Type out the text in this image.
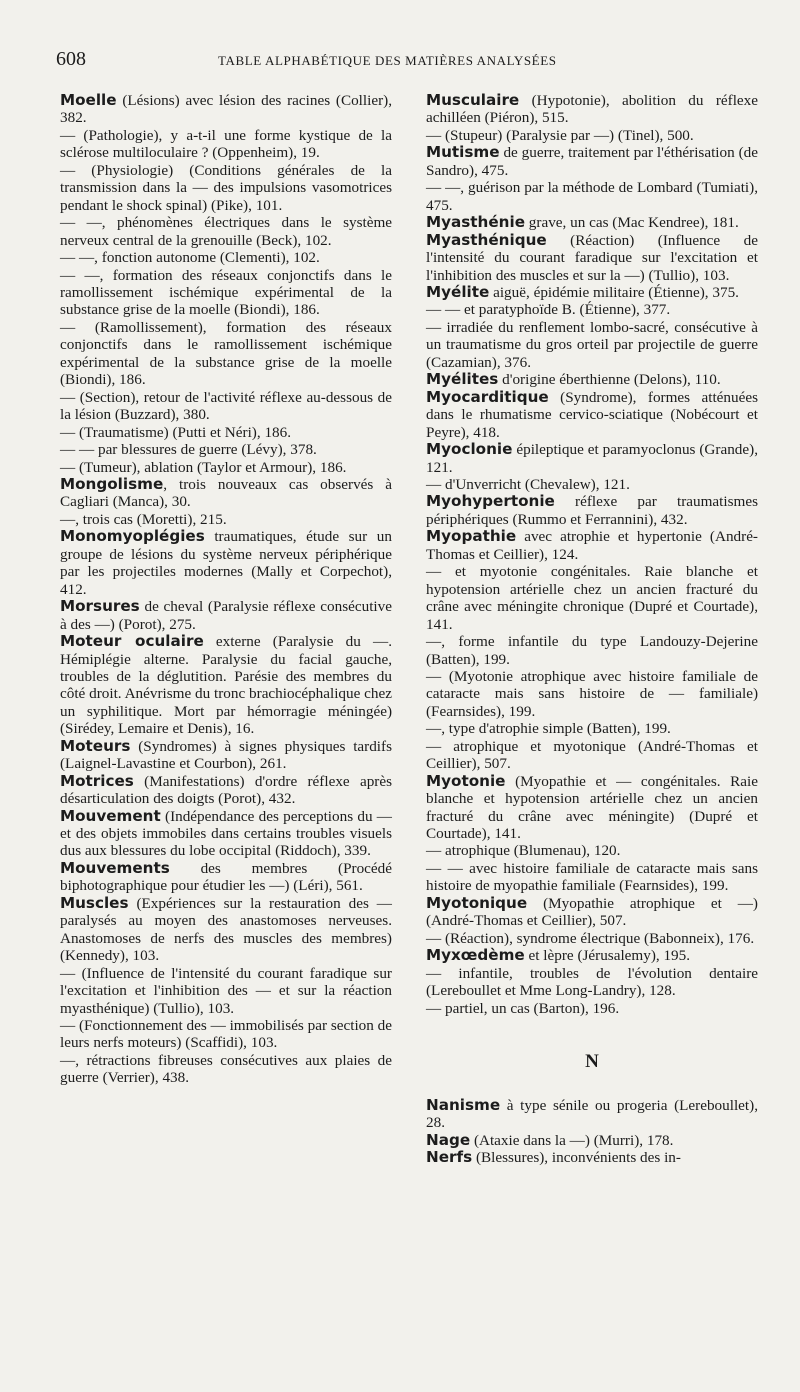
608	TABLE ALPHABÉTIQUE DES MATIÈRES ANALYSÉES

Moelle (Lésions) avec lésion des racines (Collier), 382.

— (Pathologie), y a-t-il une forme kystique de la sclérose multiloculaire ? (Oppenheim), 19.

— (Physiologie) (Conditions générales de la transmission dans la — des impulsions vasomotrices pendant le shock spinal) (Pike), 101.

— —, phénomènes électriques dans le système nerveux central de la grenouille (Beck), 102.

— —, fonction autonome (Clementi), 102.

— —, formation des réseaux conjonctifs dans le ramollissement ischémique expérimental de la substance grise de la moelle (Biondi), 186.

— (Ramollissement), formation des réseaux conjonctifs dans le ramollissement ischémique expérimental de la substance grise de la moelle (Biondi), 186.

— (Section), retour de l'activité réflexe au-dessous de la lésion (Buzzard), 380.

— (Traumatisme) (Putti et Néri), 186.

— — par blessures de guerre (Lévy), 378.

— (Tumeur), ablation (Taylor et Armour), 186.

Mongolisme, trois nouveaux cas observés à Cagliari (Manca), 30.

—, trois cas (Moretti), 215.

Monomyoplégies traumatiques, étude sur un groupe de lésions du système nerveux périphérique par les projectiles modernes (Mally et Corpechot), 412.

Morsures de cheval (Paralysie réflexe consécutive à des —) (Porot), 275.

Moteur oculaire externe (Paralysie du —. Hémiplégie alterne. Paralysie du facial gauche, troubles de la déglutition. Parésie des membres du côté droit. Anévrisme du tronc brachiocéphalique chez un syphilitique. Mort par hémorragie méningée) (Sirédey, Lemaire et Denis), 16.

Moteurs (Syndromes) à signes physiques tardifs (Laignel-Lavastine et Courbon), 261.

Motrices (Manifestations) d'ordre réflexe après désarticulation des doigts (Porot), 432.

Mouvement (Indépendance des perceptions du — et des objets immobiles dans certains troubles visuels dus aux blessures du lobe occipital (Riddoch), 339.

Mouvements des membres (Procédé biphotographique pour étudier les —) (Léri), 561.

Muscles (Expériences sur la restauration des — paralysés au moyen des anastomoses nerveuses. Anastomoses de nerfs des muscles des membres) (Kennedy), 103.

— (Influence de l'intensité du courant faradique sur l'excitation et l'inhibition des — et sur la réaction myasthénique) (Tullio), 103.

— (Fonctionnement des — immobilisés par section de leurs nerfs moteurs) (Scaffidi), 103.

—, rétractions fibreuses consécutives aux plaies de guerre (Verrier), 438.

Musculaire (Hypotonie), abolition du réflexe achilléen (Piéron), 515.

— (Stupeur) (Paralysie par —) (Tinel), 500.

Mutisme de guerre, traitement par l'éthérisation (de Sandro), 475.

— —, guérison par la méthode de Lombard (Tumiati), 475.

Myasthénie grave, un cas (Mac Kendree), 181.

Myasthénique (Réaction) (Influence de l'intensité du courant faradique sur l'excitation et l'inhibition des muscles et sur la —) (Tullio), 103.

Myélite aiguë, épidémie militaire (Étienne), 375.

— — et paratyphoïde B. (Étienne), 377.

— irradiée du renflement lombo-sacré, consécutive à un traumatisme du gros orteil par projectile de guerre (Cazamian), 376.

Myélites d'origine éberthienne (Delons), 110.

Myocarditique (Syndrome), formes atténuées dans le rhumatisme cervico-sciatique (Nobécourt et Peyre), 418.

Myoclonie épileptique et paramyoclonus (Grande), 121.

— d'Unverricht (Chevalew), 121.

Myohypertonie réflexe par traumatismes périphériques (Rummo et Ferrannini), 432.

Myopathie avec atrophie et hypertonie (André-Thomas et Ceillier), 124.

— et myotonie congénitales. Raie blanche et hypotension artérielle chez un ancien fracturé du crâne avec méningite chronique (Dupré et Courtade), 141.

—, forme infantile du type Landouzy-Dejerine (Batten), 199.

— (Myotonie atrophique avec histoire familiale de cataracte mais sans histoire de — familiale) (Fearnsides), 199.

—, type d'atrophie simple (Batten), 199.

— atrophique et myotonique (André-Thomas et Ceillier), 507.

Myotonie (Myopathie et — congénitales. Raie blanche et hypotension artérielle chez un ancien fracturé du crâne avec méningite) (Dupré et Courtade), 141.

— atrophique (Blumenau), 120.

— — avec histoire familiale de cataracte mais sans histoire de myopathie familiale (Fearnsides), 199.

Myotonique (Myopathie atrophique et —) (André-Thomas et Ceillier), 507.

— (Réaction), syndrome électrique (Babonneix), 176.

Myxœdème et lèpre (Jérusalemy), 195.

— infantile, troubles de l'évolution dentaire (Lereboullet et Mme Long-Landry), 128.

— partiel, un cas (Barton), 196.

N

Nanisme à type sénile ou progeria (Lereboullet), 28.

Nage (Ataxie dans la —) (Murri), 178.

Nerfs (Blessures), inconvénients des in-
